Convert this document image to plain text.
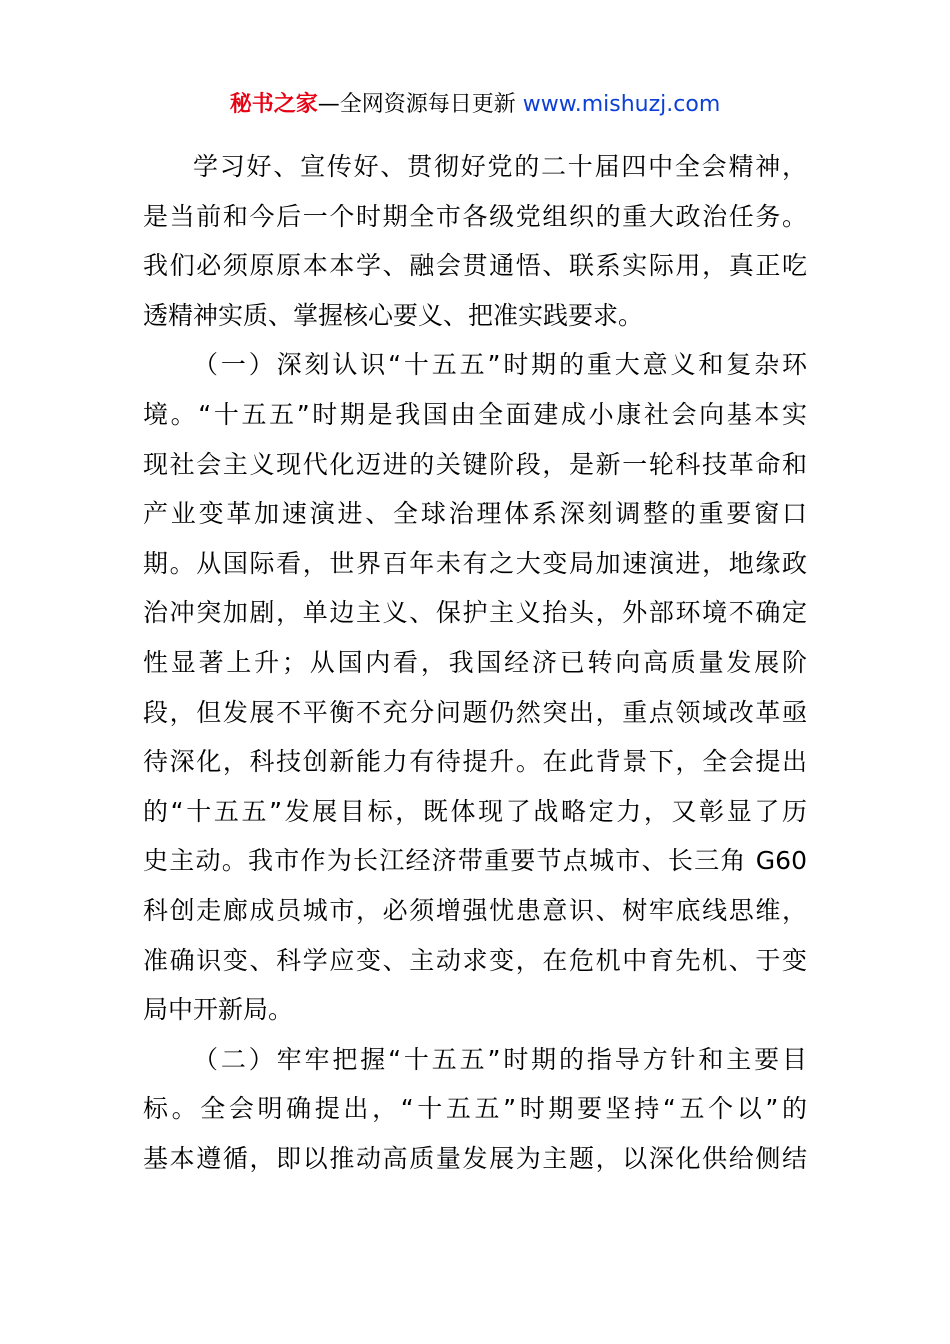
秘书之家—全网资源每日更新 www.mishuzj.com
学习好、宣传好、贯彻好党的二十届四中全会精神，
是当前和今后一个时期全市各级党组织的重大政治任务。
我们必须原原本本学、融会贯通悟、联系实际用，真正吃
透精神实质、掌握核心要义、把准实践要求。
（一）深刻认识“十五五”时期的重大意义和复杂环
境。“十五五”时期是我国由全面建成小康社会向基本实
现社会主义现代化迈进的关键阶段，是新一轮科技革命和
产业变革加速演进、全球治理体系深刻调整的重要窗口
期。从国际看，世界百年未有之大变局加速演进，地缘政
治冲突加剧，单边主义、保护主义抬头，外部环境不确定
性显著上升；从国内看，我国经济已转向高质量发展阶
段，但发展不平衡不充分问题仍然突出，重点领域改革亟
待深化，科技创新能力有待提升。在此背景下，全会提出
的“十五五”发展目标，既体现了战略定力，又彰显了历
史主动。我市作为长江经济带重要节点城市、长三角 G60
科创走廊成员城市，必须增强忧患意识、树牢底线思维，
准确识变、科学应变、主动求变，在危机中育先机、于变
局中开新局。
（二）牢牢把握“十五五”时期的指导方针和主要目
标。全会明确提出，“十五五”时期要坚持“五个以”的
基本遵循，即以推动高质量发展为主题，以深化供给侧结
